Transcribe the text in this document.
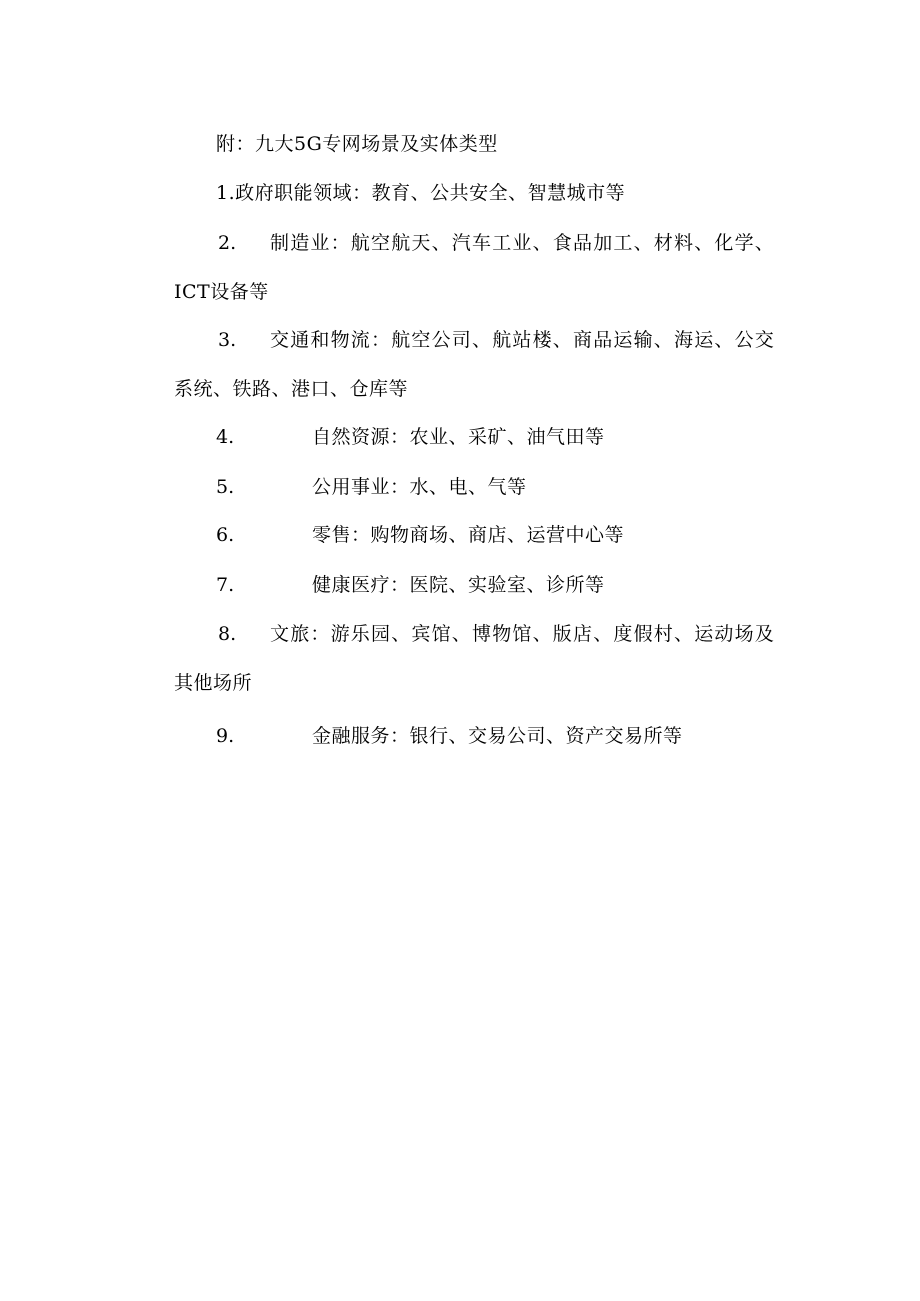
附：九大5G专网场景及实体类型
1.政府职能领域：教育、公共安全、智慧城市等
2. 制造业：航空航天、汽车工业、食品加工、材料、化学、
ICT设备等
3. 交通和物流：航空公司、航站楼、商品运输、海运、公交
系统、铁路、港口、仓库等
4.	自然资源：农业、采矿、油气田等
5.	公用事业：水、电、气等
6.	零售：购物商场、商店、运营中心等
7.	健康医疗：医院、实验室、诊所等
8. 文旅：游乐园、宾馆、博物馆、版店、度假村、运动场及
其他场所
9.	金融服务：银行、交易公司、资产交易所等
